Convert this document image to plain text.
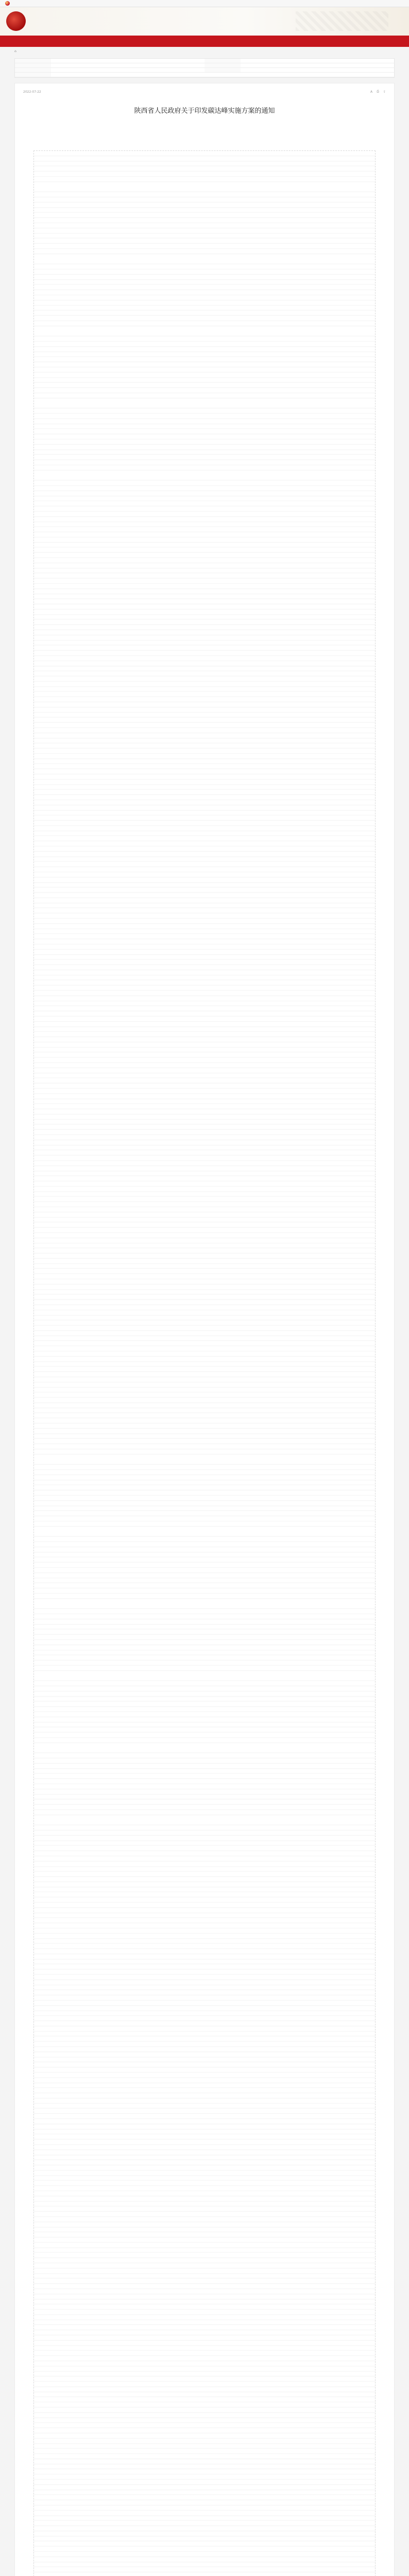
⌂
2022-07-22	A ⎙ ⇪
陕西省人民政府关于印发碳达峰实施方案的通知
